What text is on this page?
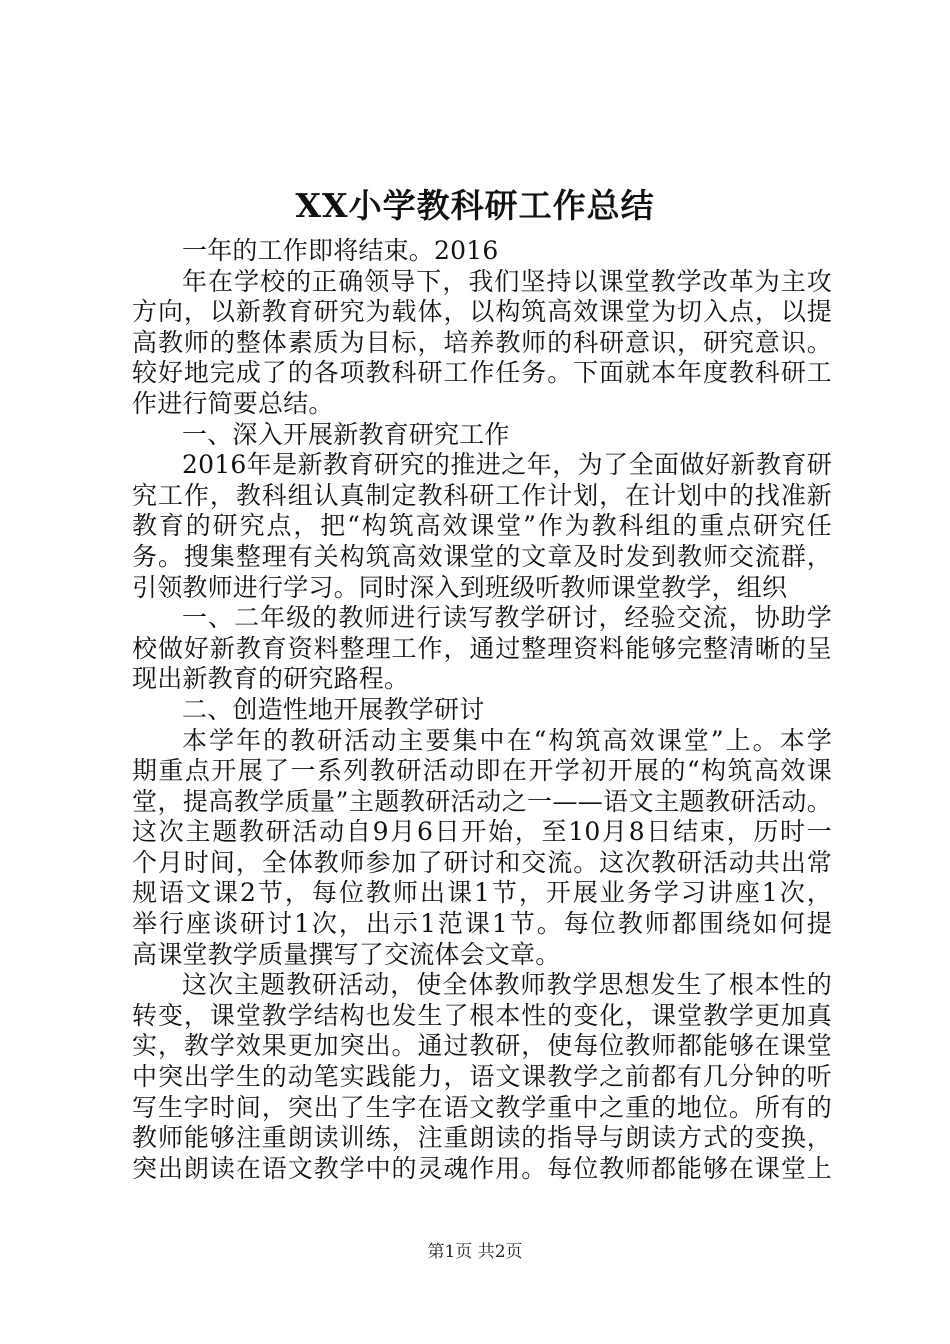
XX小学教科研工作总结
一年的工作即将结束。2016
年在学校的正确领导下，我们坚持以课堂教学改革为主攻
方向，以新教育研究为载体，以构筑高效课堂为切入点，以提
高教师的整体素质为目标，培养教师的科研意识，研究意识。
较好地完成了的各项教科研工作任务。下面就本年度教科研工
作进行简要总结。
一、深入开展新教育研究工作
2016年是新教育研究的推进之年，为了全面做好新教育研
究工作，教科组认真制定教科研工作计划，在计划中的找准新
教育的研究点，把“构筑高效课堂”作为教科组的重点研究任
务。搜集整理有关构筑高效课堂的文章及时发到教师交流群，
引领教师进行学习。同时深入到班级听教师课堂教学，组织
一、二年级的教师进行读写教学研讨，经验交流，协助学
校做好新教育资料整理工作，通过整理资料能够完整清晰的呈
现出新教育的研究路程。
二、创造性地开展教学研讨
本学年的教研活动主要集中在“构筑高效课堂”上。本学
期重点开展了一系列教研活动即在开学初开展的“构筑高效课
堂，提高教学质量”主题教研活动之一——语文主题教研活动。
这次主题教研活动自9月6日开始，至10月8日结束，历时一
个月时间，全体教师参加了研讨和交流。这次教研活动共出常
规语文课2节，每位教师出课1节，开展业务学习讲座1次，
举行座谈研讨1次，出示1范课1节。每位教师都围绕如何提
高课堂教学质量撰写了交流体会文章。
这次主题教研活动，使全体教师教学思想发生了根本性的
转变，课堂教学结构也发生了根本性的变化，课堂教学更加真
实，教学效果更加突出。通过教研，使每位教师都能够在课堂
中突出学生的动笔实践能力，语文课教学之前都有几分钟的听
写生字时间，突出了生字在语文教学重中之重的地位。所有的
教师能够注重朗读训练，注重朗读的指导与朗读方式的变换，
突出朗读在语文教学中的灵魂作用。每位教师都能够在课堂上
第1页 共2页
